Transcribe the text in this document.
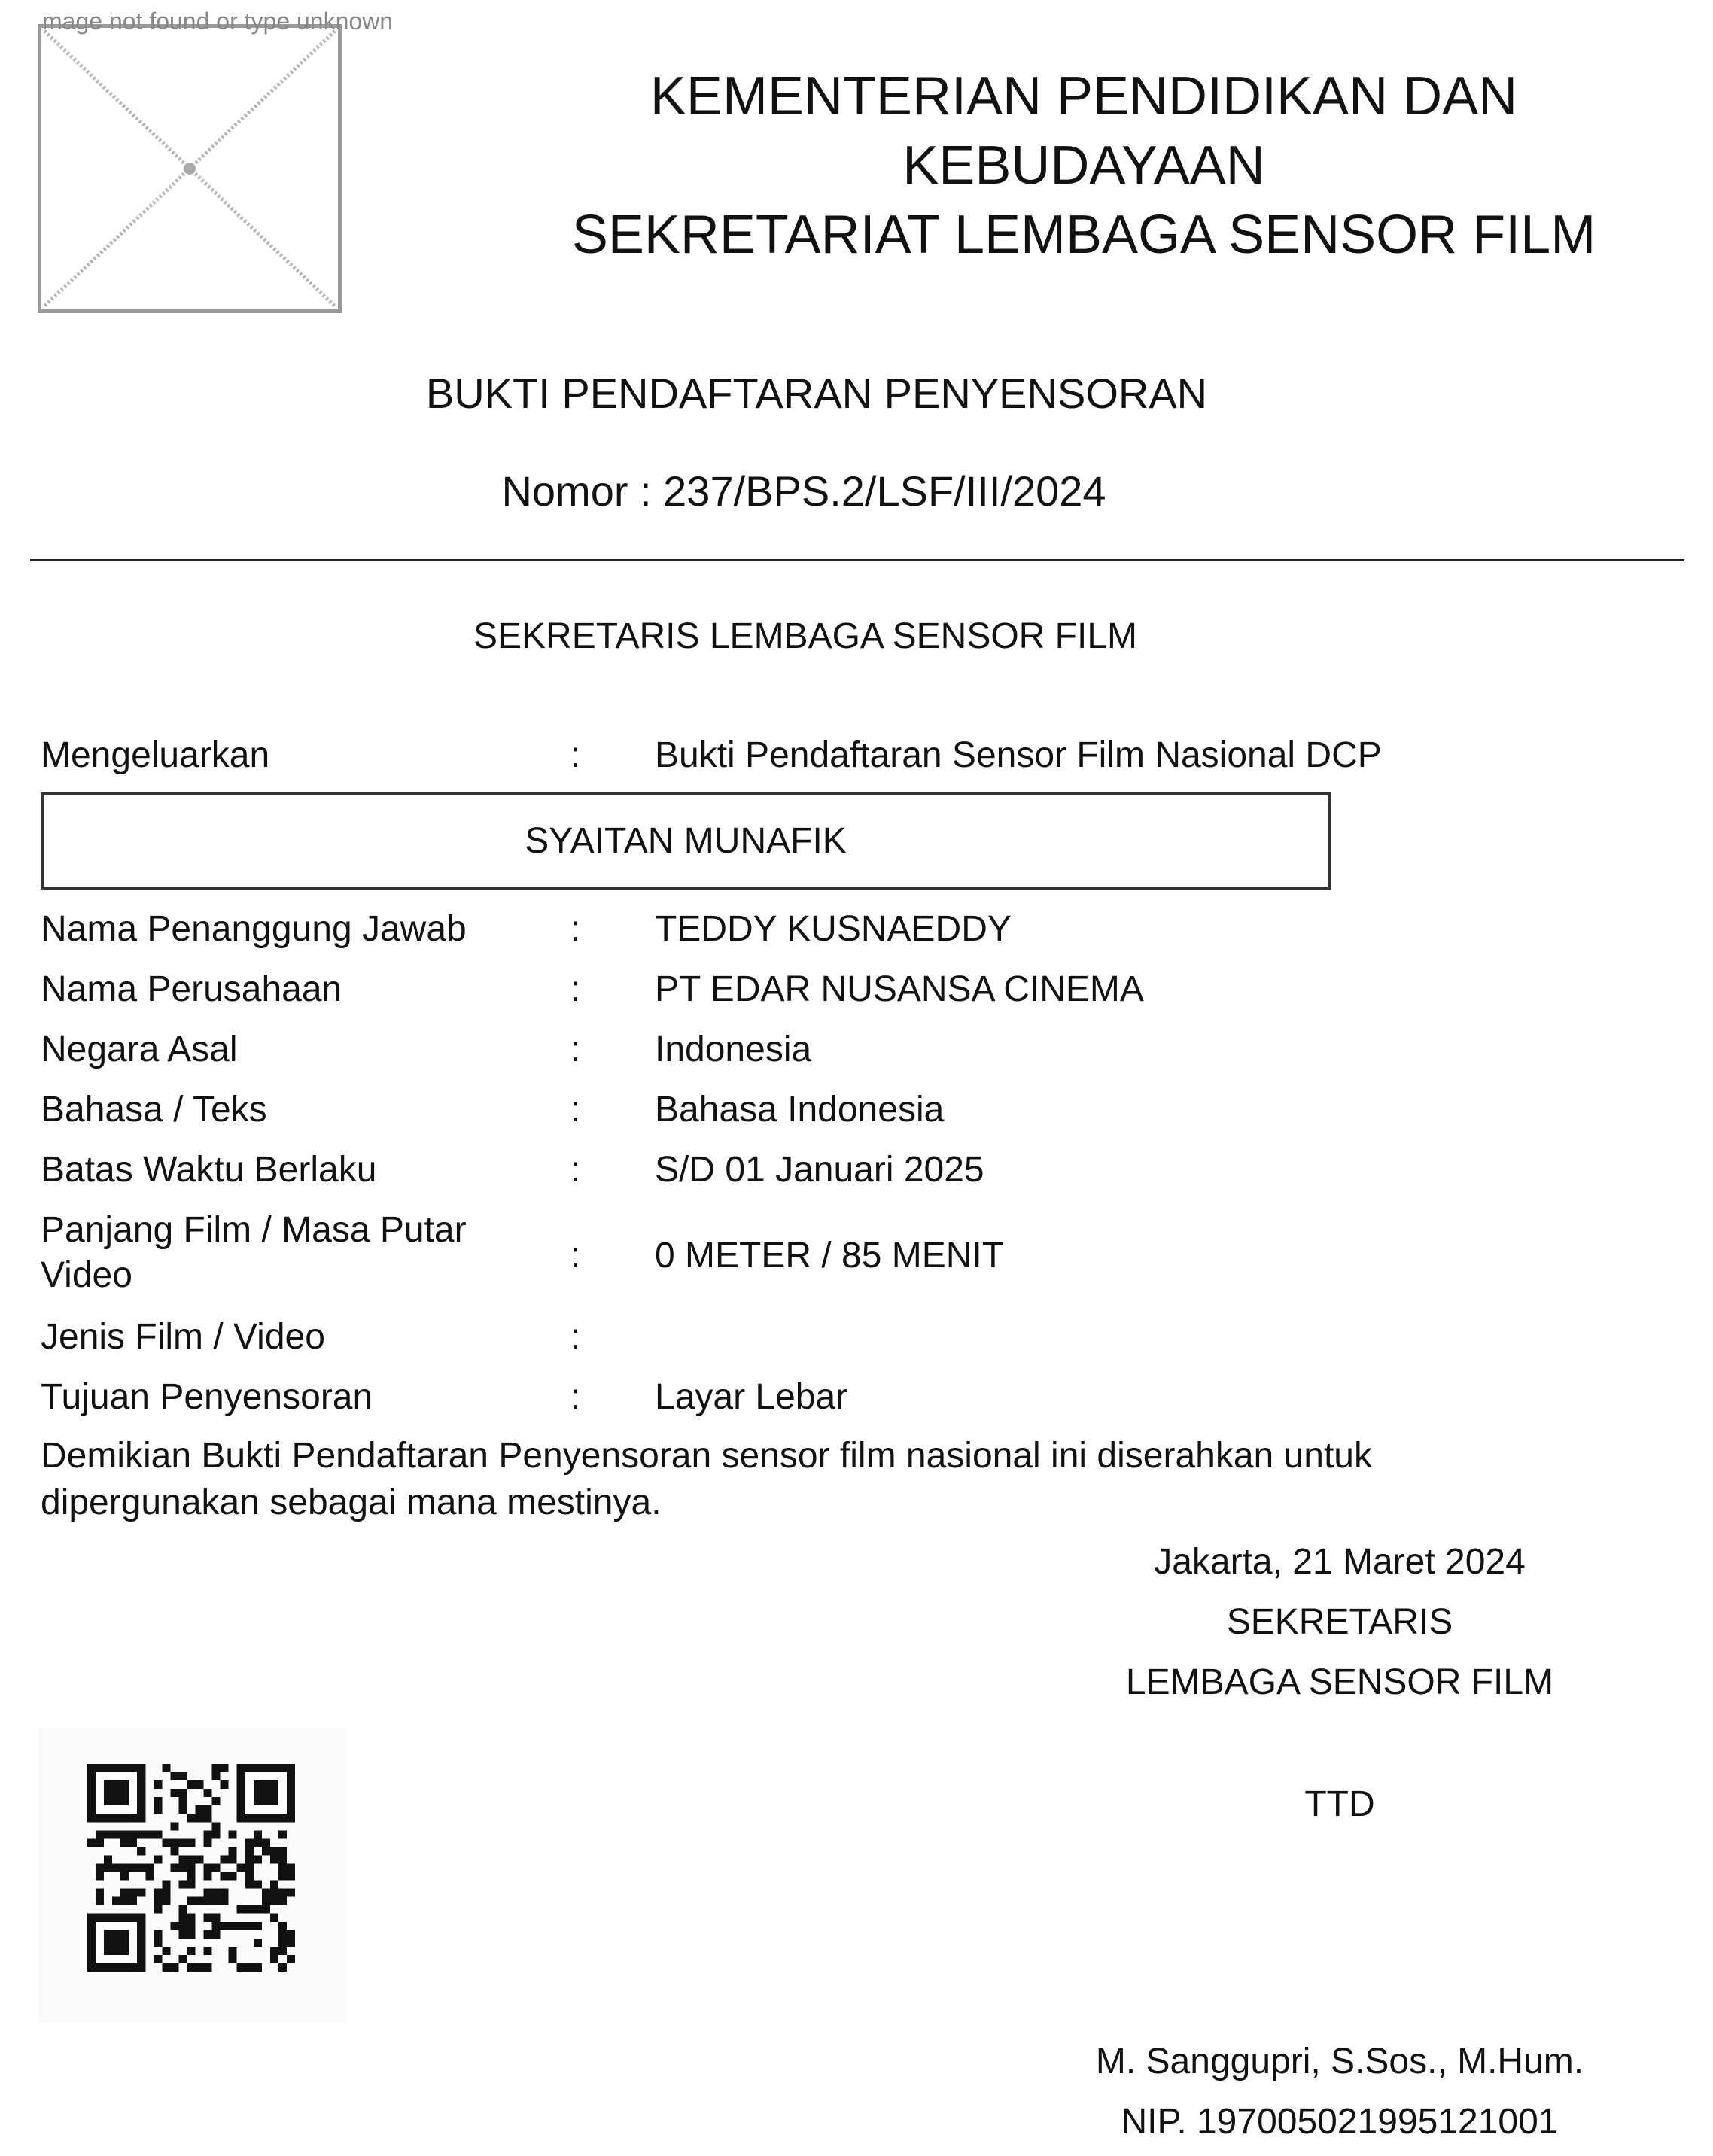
mage not found or type unknown
KEMENTERIAN PENDIDIKAN DAN
KEBUDAYAAN
SEKRETARIAT LEMBAGA SENSOR FILM
BUKTI PENDAFTARAN PENYENSORAN
Nomor : 237/BPS.2/LSF/III/2024
SEKRETARIS LEMBAGA SENSOR FILM
Mengeluarkan	: Bukti Pendaftaran Sensor Film Nasional DCP
SYAITAN MUNAFIK
Nama Penanggung Jawab	: TEDDY KUSNAEDDY
Nama Perusahaan	: PT EDAR NUSANSA CINEMA
Negara Asal	: Indonesia
Bahasa / Teks	: Bahasa Indonesia
Batas Waktu Berlaku	: S/D 01 Januari 2025
Panjang Film / Masa Putar
Video	: 0 METER / 85 MENIT
Jenis Film / Video	:
Tujuan Penyensoran	: Layar Lebar
Demikian Bukti Pendaftaran Penyensoran sensor film nasional ini diserahkan untuk
dipergunakan sebagai mana mestinya.
Jakarta, 21 Maret 2024
SEKRETARIS
LEMBAGA SENSOR FILM
TTD
M. Sanggupri, S.Sos., M.Hum.
NIP. 197005021995121001
